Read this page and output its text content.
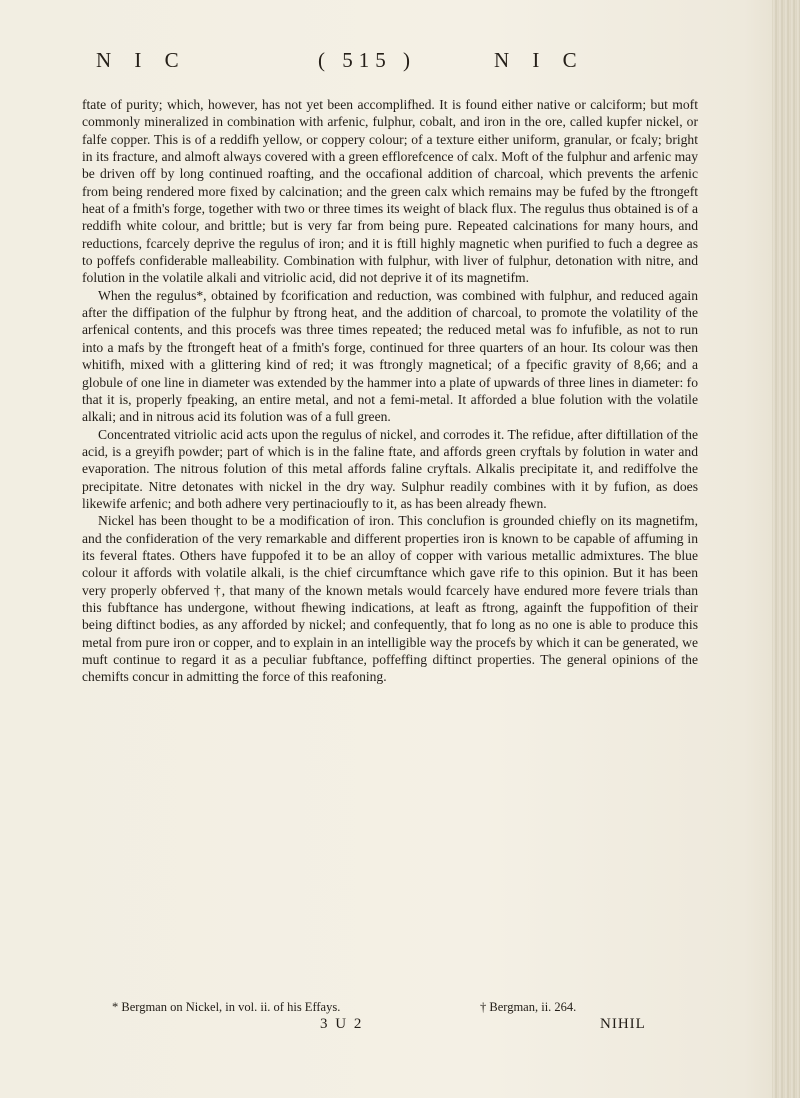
N I C	( 515 )	N I C

ftate of purity; which, however, has not yet been accomplifhed. It is found either native or calciform; but moft commonly mineralized in combination with arfenic, fulphur, cobalt, and iron in the ore, called kupfer nickel, or falfe copper. This is of a reddifh yellow, or coppery colour; of a texture either uniform, granular, or fcaly; bright in its fracture, and almoft always covered with a green efflorefcence of calx. Moft of the fulphur and arfenic may be driven off by long continued roafting, and the occafional addition of charcoal, which prevents the arfenic from being rendered more fixed by calcination; and the green calx which remains may be fufed by the ftrongeft heat of a fmith's forge, together with two or three times its weight of black flux. The regulus thus obtained is of a reddifh white colour, and brittle; but is very far from being pure. Repeated calcinations for many hours, and reductions, fcarcely deprive the regulus of iron; and it is ftill highly magnetic when purified to fuch a degree as to poffefs confiderable malleability. Combination with fulphur, with liver of fulphur, detonation with nitre, and folution in the volatile alkali and vitriolic acid, did not deprive it of its magnetifm.

When the regulus*, obtained by fcorification and reduction, was combined with fulphur, and reduced again after the diffipation of the fulphur by ftrong heat, and the addition of charcoal, to promote the volatility of the arfenical contents, and this procefs was three times repeated; the reduced metal was fo infufible, as not to run into a mafs by the ftrongeft heat of a fmith's forge, continued for three quarters of an hour. Its colour was then whitifh, mixed with a glittering kind of red; it was ftrongly magnetical; of a fpecific gravity of 8,66; and a globule of one line in diameter was extended by the hammer into a plate of upwards of three lines in diameter: fo that it is, properly fpeaking, an entire metal, and not a femi-metal. It afforded a blue folution with the volatile alkali; and in nitrous acid its folution was of a full green.

Concentrated vitriolic acid acts upon the regulus of nickel, and corrodes it. The refidue, after diftillation of the acid, is a greyifh powder; part of which is in the faline ftate, and affords green cryftals by folution in water and evaporation. The nitrous folution of this metal affords faline cryftals. Alkalis precipitate it, and rediffolve the precipitate. Nitre detonates with nickel in the dry way. Sulphur readily combines with it by fufion, as does likewife arfenic; and both adhere very pertinacioufly to it, as has been already fhewn.

Nickel has been thought to be a modification of iron. This conclufion is grounded chiefly on its magnetifm, and the confideration of the very remarkable and different properties iron is known to be capable of affuming in its feveral ftates. Others have fuppofed it to be an alloy of copper with various metallic admixtures. The blue colour it affords with volatile alkali, is the chief circumftance which gave rife to this opinion. But it has been very properly obferved †, that many of the known metals would fcarcely have endured more fevere trials than this fubftance has undergone, without fhewing indications, at leaft as ftrong, againft the fuppofition of their being diftinct bodies, as any afforded by nickel; and confequently, that fo long as no one is able to produce this metal from pure iron or copper, and to explain in an intelligible way the procefs by which it can be generated, we muft continue to regard it as a peculiar fubftance, poffeffing diftinct properties. The general opinions of the chemifts concur in admitting the force of this reafoning.

* Bergman on Nickel, in vol. ii. of his Effays.	† Bergman, ii. 264.
3 U 2	NIHIL
